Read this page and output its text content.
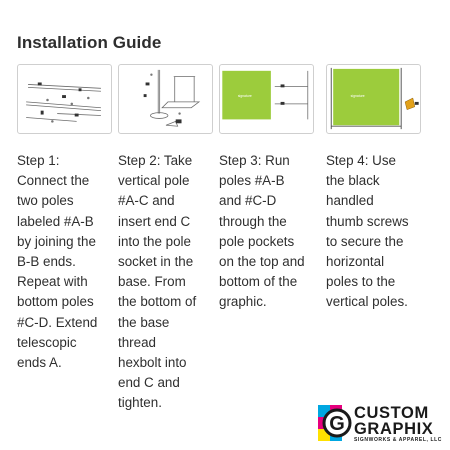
Installation Guide
signature	signature
Step 1:
Connect the
two poles
labeled #A-B
by joining the
B-B ends.
Repeat with
bottom poles
#C-D. Extend
telescopic
ends A.
Step 2: Take
vertical pole
#A-C and
insert end C
into the pole
socket in the
base. From
the bottom of
the base
thread
hexbolt into
end C and
tighten.
Step 3: Run
poles #A-B
and #C-D
through the
pole pockets
on the top and
bottom of the
graphic.
Step 4: Use
the black
handled
thumb screws
to secure the
horizontal
poles to the
vertical poles.
G CUSTOM
GRAPHIX
SIGNWORKS & APPAREL, LLC
